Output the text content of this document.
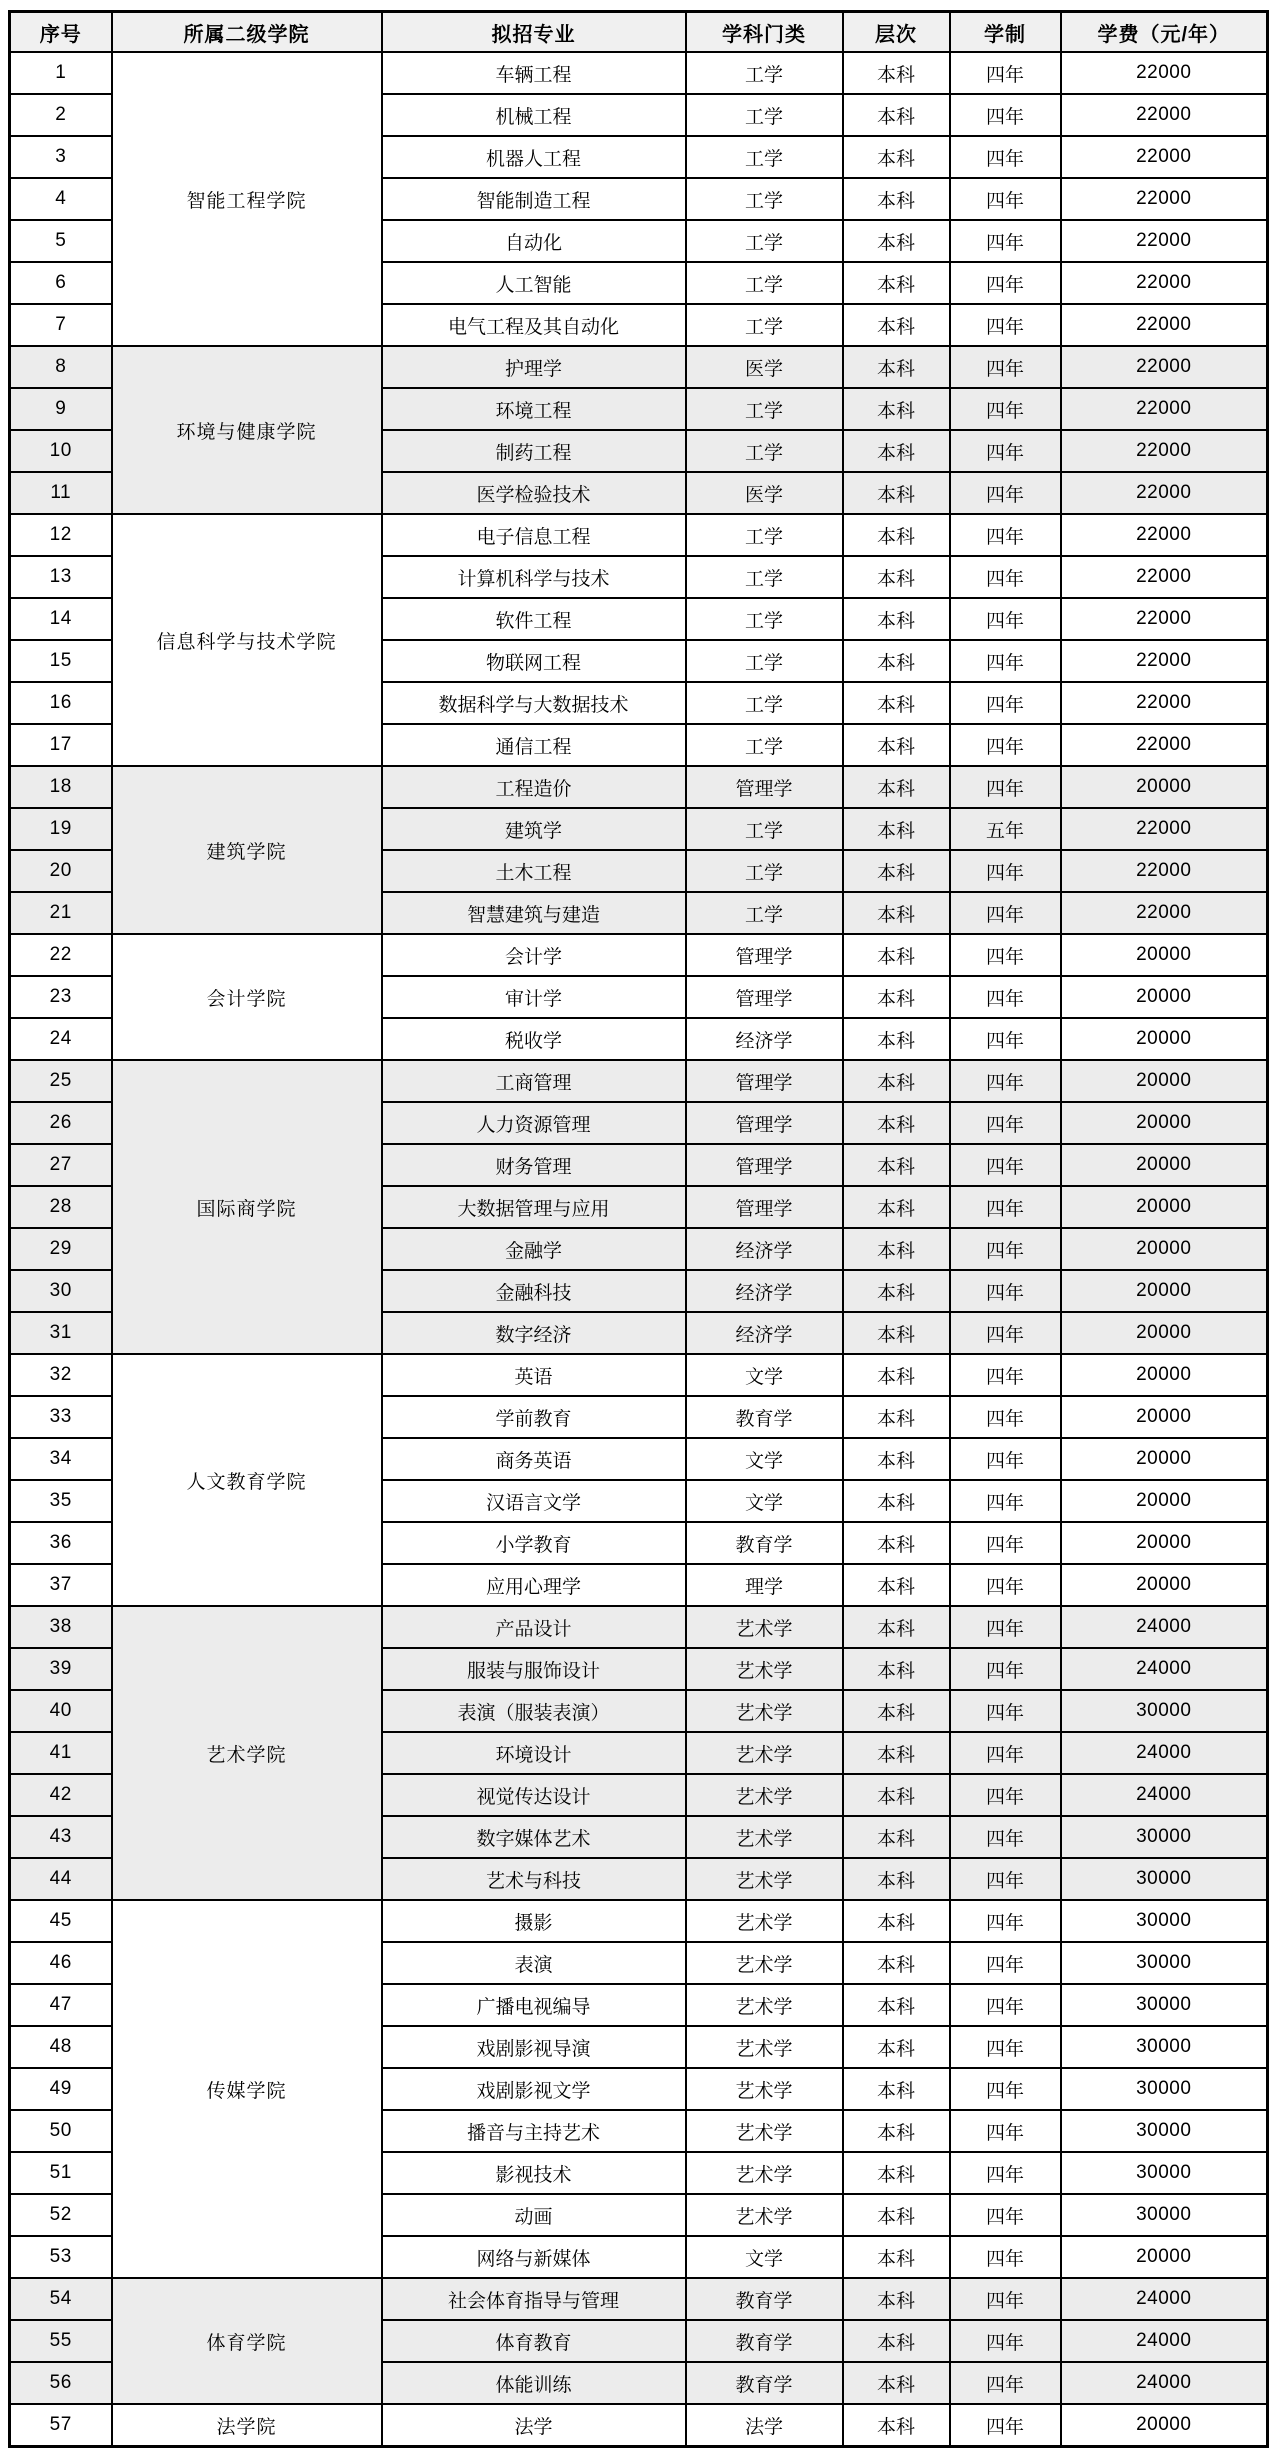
序号	所属二级学院	拟招专业	学科门类	层次	学制	学费（元/年）
1	智能工程学院	车辆工程	工学	本科	四年	22000
2		机械工程	工学	本科	四年	22000
3		机器人工程	工学	本科	四年	22000
4		智能制造工程	工学	本科	四年	22000
5		自动化	工学	本科	四年	22000
6		人工智能	工学	本科	四年	22000
7		电气工程及其自动化	工学	本科	四年	22000
8	环境与健康学院	护理学	医学	本科	四年	22000
9		环境工程	工学	本科	四年	22000
10		制药工程	工学	本科	四年	22000
11		医学检验技术	医学	本科	四年	22000
12	信息科学与技术学院	电子信息工程	工学	本科	四年	22000
13		计算机科学与技术	工学	本科	四年	22000
14		软件工程	工学	本科	四年	22000
15		物联网工程	工学	本科	四年	22000
16		数据科学与大数据技术	工学	本科	四年	22000
17		通信工程	工学	本科	四年	22000
18	建筑学院	工程造价	管理学	本科	四年	20000
19		建筑学	工学	本科	五年	22000
20		土木工程	工学	本科	四年	22000
21		智慧建筑与建造	工学	本科	四年	22000
22	会计学院	会计学	管理学	本科	四年	20000
23		审计学	管理学	本科	四年	20000
24		税收学	经济学	本科	四年	20000
25	国际商学院	工商管理	管理学	本科	四年	20000
26		人力资源管理	管理学	本科	四年	20000
27		财务管理	管理学	本科	四年	20000
28		大数据管理与应用	管理学	本科	四年	20000
29		金融学	经济学	本科	四年	20000
30		金融科技	经济学	本科	四年	20000
31		数字经济	经济学	本科	四年	20000
32	人文教育学院	英语	文学	本科	四年	20000
33		学前教育	教育学	本科	四年	20000
34		商务英语	文学	本科	四年	20000
35		汉语言文学	文学	本科	四年	20000
36		小学教育	教育学	本科	四年	20000
37		应用心理学	理学	本科	四年	20000
38	艺术学院	产品设计	艺术学	本科	四年	24000
39		服装与服饰设计	艺术学	本科	四年	24000
40		表演（服装表演）	艺术学	本科	四年	30000
41		环境设计	艺术学	本科	四年	24000
42		视觉传达设计	艺术学	本科	四年	24000
43		数字媒体艺术	艺术学	本科	四年	30000
44		艺术与科技	艺术学	本科	四年	30000
45	传媒学院	摄影	艺术学	本科	四年	30000
46		表演	艺术学	本科	四年	30000
47		广播电视编导	艺术学	本科	四年	30000
48		戏剧影视导演	艺术学	本科	四年	30000
49		戏剧影视文学	艺术学	本科	四年	30000
50		播音与主持艺术	艺术学	本科	四年	30000
51		影视技术	艺术学	本科	四年	30000
52		动画	艺术学	本科	四年	30000
53		网络与新媒体	文学	本科	四年	20000
54	体育学院	社会体育指导与管理	教育学	本科	四年	24000
55		体育教育	教育学	本科	四年	24000
56		体能训练	教育学	本科	四年	24000
57	法学院	法学	法学	本科	四年	20000
